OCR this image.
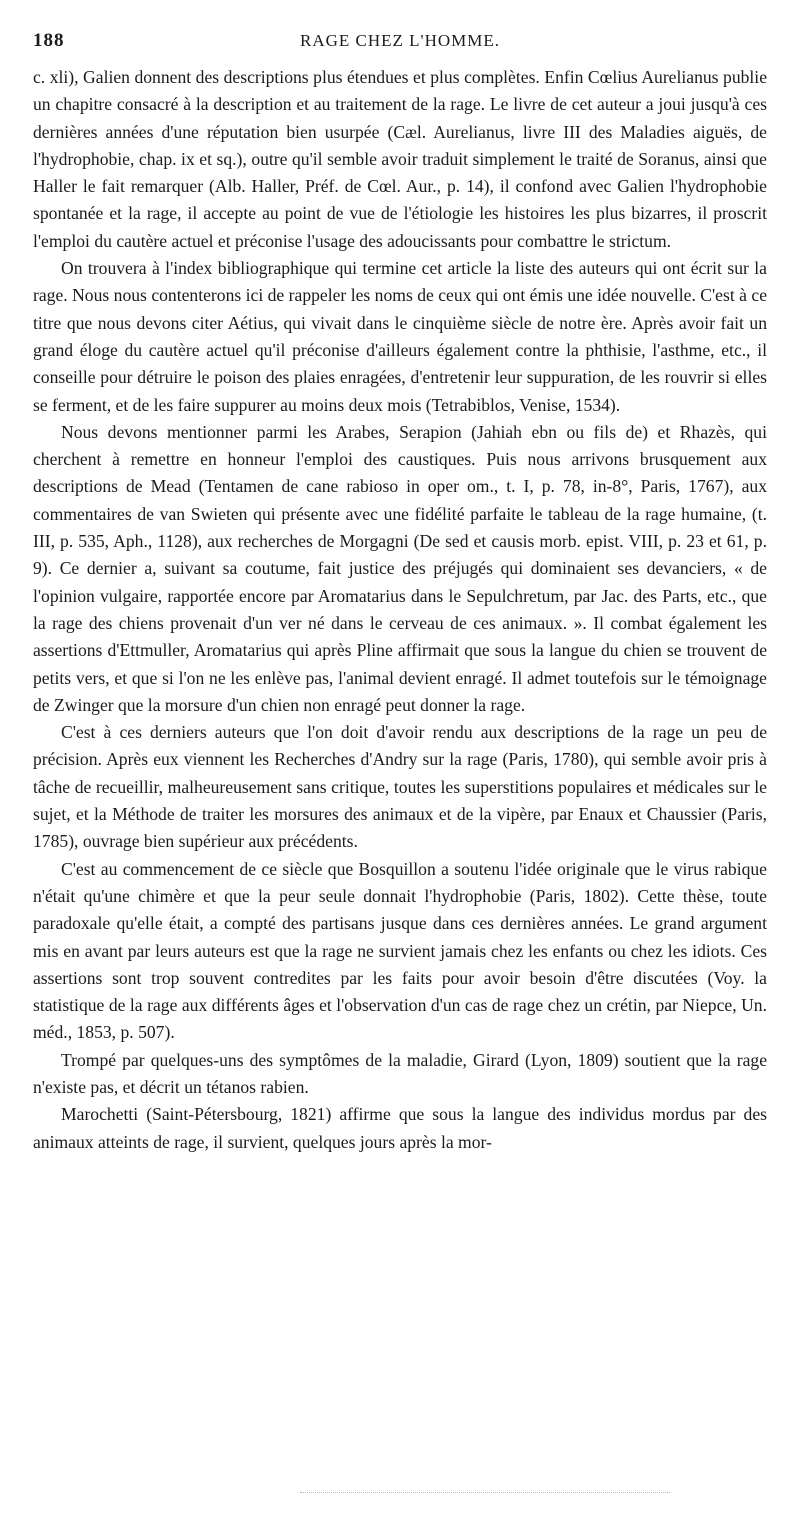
188	RAGE CHEZ L'HOMME.

c. xli), Galien donnent des descriptions plus étendues et plus complètes. Enfin Cœlius Aurelianus publie un chapitre consacré à la description et au traitement de la rage. Le livre de cet auteur a joui jusqu'à ces dernières années d'une réputation bien usurpée (Cæl. Aurelianus, livre III des Maladies aiguës, de l'hydrophobie, chap. ix et sq.), outre qu'il semble avoir traduit simplement le traité de Soranus, ainsi que Haller le fait remarquer (Alb. Haller, Préf. de Cœl. Aur., p. 14), il confond avec Galien l'hydrophobie spontanée et la rage, il accepte au point de vue de l'étiologie les histoires les plus bizarres, il proscrit l'emploi du cautère actuel et préconise l'usage des adoucissants pour combattre le strictum.

On trouvera à l'index bibliographique qui termine cet article la liste des auteurs qui ont écrit sur la rage. Nous nous contenterons ici de rappeler les noms de ceux qui ont émis une idée nouvelle. C'est à ce titre que nous devons citer Aétius, qui vivait dans le cinquième siècle de notre ère. Après avoir fait un grand éloge du cautère actuel qu'il préconise d'ailleurs également contre la phthisie, l'asthme, etc., il conseille pour détruire le poison des plaies enragées, d'entretenir leur suppuration, de les rouvrir si elles se ferment, et de les faire suppurer au moins deux mois (Tetrabiblos, Venise, 1534).

Nous devons mentionner parmi les Arabes, Serapion (Jahiah ebn ou fils de) et Rhazès, qui cherchent à remettre en honneur l'emploi des caustiques. Puis nous arrivons brusquement aux descriptions de Mead (Tentamen de cane rabioso in oper om., t. I, p. 78, in-8°, Paris, 1767), aux commentaires de van Swieten qui présente avec une fidélité parfaite le tableau de la rage humaine, (t. III, p. 535, Aph., 1128), aux recherches de Morgagni (De sed et causis morb. epist. VIII, p. 23 et 61, p. 9). Ce dernier a, suivant sa coutume, fait justice des préjugés qui dominaient ses devanciers, « de l'opinion vulgaire, rapportée encore par Aromatarius dans le Sepulchretum, par Jac. des Parts, etc., que la rage des chiens provenait d'un ver né dans le cerveau de ces animaux. ». Il combat également les assertions d'Ettmuller, Aromatarius qui après Pline affirmait que sous la langue du chien se trouvent de petits vers, et que si l'on ne les enlève pas, l'animal devient enragé. Il admet toutefois sur le témoignage de Zwinger que la morsure d'un chien non enragé peut donner la rage.

C'est à ces derniers auteurs que l'on doit d'avoir rendu aux descriptions de la rage un peu de précision. Après eux viennent les Recherches d'Andry sur la rage (Paris, 1780), qui semble avoir pris à tâche de recueillir, malheureusement sans critique, toutes les superstitions populaires et médicales sur le sujet, et la Méthode de traiter les morsures des animaux et de la vipère, par Enaux et Chaussier (Paris, 1785), ouvrage bien supérieur aux précédents.

C'est au commencement de ce siècle que Bosquillon a soutenu l'idée originale que le virus rabique n'était qu'une chimère et que la peur seule donnait l'hydrophobie (Paris, 1802). Cette thèse, toute paradoxale qu'elle était, a compté des partisans jusque dans ces dernières années. Le grand argument mis en avant par leurs auteurs est que la rage ne survient jamais chez les enfants ou chez les idiots. Ces assertions sont trop souvent contredites par les faits pour avoir besoin d'être discutées (Voy. la statistique de la rage aux différents âges et l'observation d'un cas de rage chez un crétin, par Niepce, Un. méd., 1853, p. 507).

Trompé par quelques-uns des symptômes de la maladie, Girard (Lyon, 1809) soutient que la rage n'existe pas, et décrit un tétanos rabien.

Marochetti (Saint-Pétersbourg, 1821) affirme que sous la langue des individus mordus par des animaux atteints de rage, il survient, quelques jours après la mor-
